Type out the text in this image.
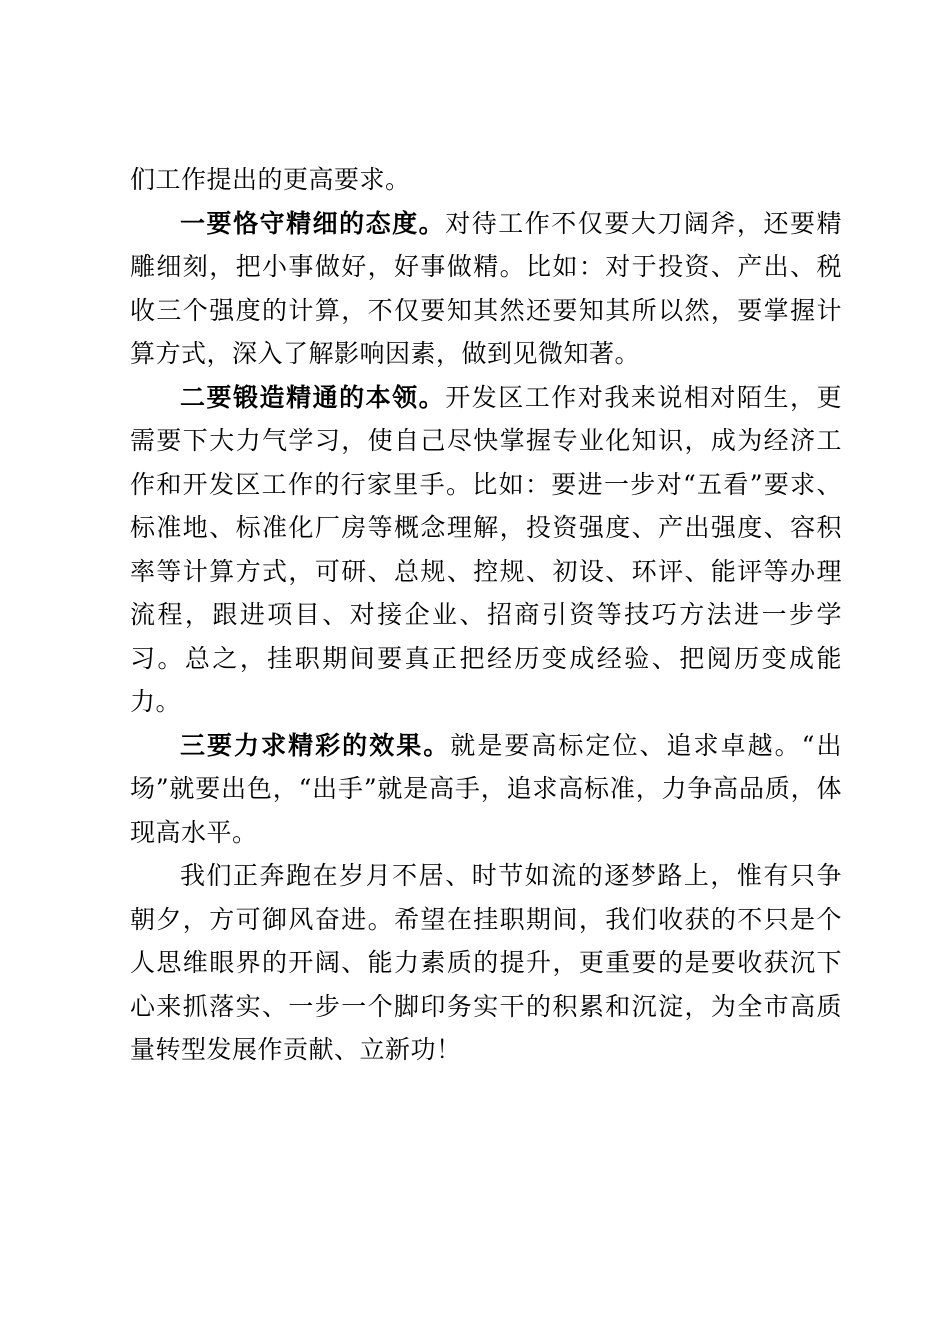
们工作提出的更高要求。

一要恪守精细的态度。对待工作不仅要大刀阔斧，还要精雕细刻，把小事做好，好事做精。比如：对于投资、产出、税收三个强度的计算，不仅要知其然还要知其所以然，要掌握计算方式，深入了解影响因素，做到见微知著。

二要锻造精通的本领。开发区工作对我来说相对陌生，更需要下大力气学习，使自己尽快掌握专业化知识，成为经济工作和开发区工作的行家里手。比如：要进一步对“五看”要求、标准地、标准化厂房等概念理解，投资强度、产出强度、容积率等计算方式，可研、总规、控规、初设、环评、能评等办理流程，跟进项目、对接企业、招商引资等技巧方法进一步学习。总之，挂职期间要真正把经历变成经验、把阅历变成能力。

三要力求精彩的效果。就是要高标定位、追求卓越。“出场”就要出色，“出手”就是高手，追求高标准，力争高品质，体现高水平。

我们正奔跑在岁月不居、时节如流的逐梦路上，惟有只争朝夕，方可御风奋进。希望在挂职期间，我们收获的不只是个人思维眼界的开阔、能力素质的提升，更重要的是要收获沉下心来抓落实、一步一个脚印务实干的积累和沉淀，为全市高质量转型发展作贡献、立新功！
